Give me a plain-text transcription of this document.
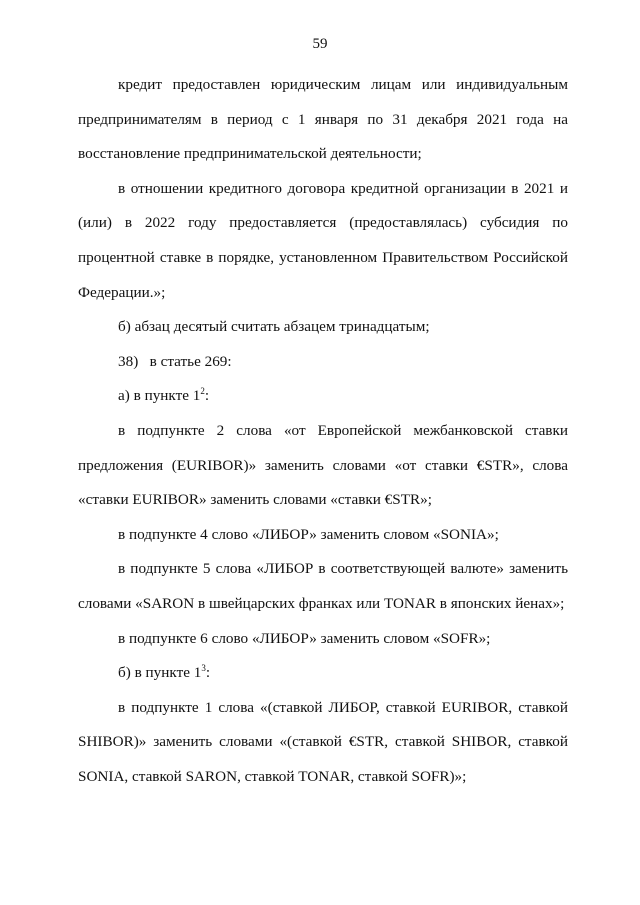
59

кредит предоставлен юридическим лицам или индивидуальным предпринимателям в период с 1 января по 31 декабря 2021 года на восстановление предпринимательской деятельности;

в отношении кредитного договора кредитной организации в 2021 и (или) в 2022 году предоставляется (предоставлялась) субсидия по процентной ставке в порядке, установленном Правительством Российской Федерации.»;

б) абзац десятый считать абзацем тринадцатым;

38)   в статье 269:

а) в пункте $1^2$:

в подпункте 2 слова «от Европейской межбанковской ставки предложения (EURIBOR)» заменить словами «от ставки €STR», слова «ставки EURIBOR» заменить словами «ставки €STR»;

в подпункте 4 слово «ЛИБОР» заменить словом «SONIA»;

в подпункте 5 слова «ЛИБОР в соответствующей валюте» заменить словами «SARON в швейцарских франках или TONAR в японских йенах»;

в подпункте 6 слово «ЛИБОР» заменить словом «SOFR»;

б) в пункте $1^3$:

в подпункте 1 слова «(ставкой ЛИБОР, ставкой EURIBOR, ставкой SHIBOR)» заменить словами «(ставкой €STR, ставкой SHIBOR, ставкой SONIA, ставкой SARON, ставкой TONAR, ставкой SOFR)»;
